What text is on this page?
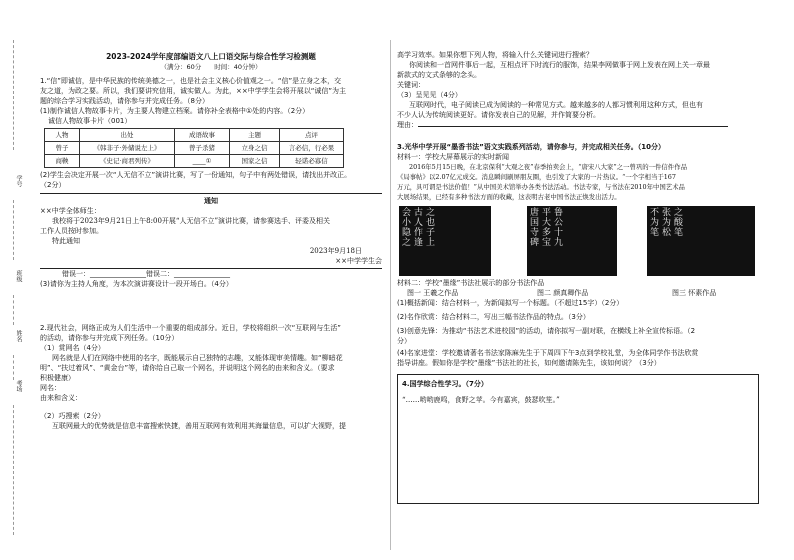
学号
班级
姓名
考场

2023-2024学年度部编语文八上口语交际与综合性学习检测题

（满分：60分　　时间：40分钟）

1.“信”即诚信，是中华民族的传统美德之一，也是社会主义核心价值观之一。“信”是立身之本，交

友之道，为政之要。所以，我们要讲究信用，诚实做人。为此，××中学学生会将开展以“诚信”为主

题的综合学习实践活动，请你参与并完成任务。（8分）

(1)制作诚信人物故事卡片，为主要人物建立档案。请你补全表格中①处的内容。（2分）

诚信人物故事卡片（001）

人物	出处	成语故事	主题	点评
曾子	《韩非子·外储说左上》	曾子杀猪	立身之信	言必信，行必果
商鞅	《史记·商君列传》	____①	国家之信	轻诺必寡信

(2)学生会决定开展一次“人无信不立”演讲比赛，写了一份通知，句子中有两处错误，请找出并改正。

（2分）

通知

××中学全体师生：

我校将于2023年9月21日上午8:00开展“人无信不立”演讲比赛，请参赛选手、评委及相关

工作人员按时参加。

特此通知

2023年9月18日

××中学学生会

错误一：________________错误二：________________

(3)请你为主持人角度，为本次演讲赛设计一段开场白。（4分）

2.现代社会，网络正成为人们生活中一个重要的组成部分。近日，学校将组织一次“互联网与生活”

的活动，请你参与并完成下列任务。（10分）

（1）赏网名（4分）

网名就是人们在网络中使用的名字，既能展示自己独特的志趣，又能体现审美情趣。如“柳暗花

明”、“扶过着风”、“黄金台”等，请你给自己取一个网名，并说明这个网名的由来和含义。（要求

积极健康）

网名：

由来和含义：

（2）巧搜索（2分）

互联网最大的优势就是信息丰富搜索快捷，善用互联网有效利用其海量信息，可以扩大视野，提

高学习效率。如果你想下列人物，将输入什么关键词进行搜索？

你阅读和一首网件事后一起，互相点评下时流行的服饰，结果李网做事于网上发表在网上关一章最

新款式的文式条够的念头。

关键词：

（3）呈见见（4分）

互联网时代，电子阅读已成为阅读的一种常见方式。越来越多的人都习惯利用这种方式，但也有

不少人认为传统阅读更好。请你发表自己的见解，并作简要分析。

理由：

3.光华中学开展“墨香书法”语文实践系列活动，请你参与，并完成相关任务。（10分）

材料一：学校大屏幕展示的实时新闻

2016年5月15日晚，在北京保利“大观之夜”春季拍卖会上，“唐宋八大家”之一曾巩的一件信件作品

《局事帖》以2.07亿元成交。消息瞬间刷屏朋友圈，也引发了大家的一片热议。“一个字相当于167

万元，具可谓是书法价值！”从中国美术馆举办各类书法活动。书法专家，与书法在2010年中国艺术品

大展场结果，已经有多种书法方面的收藏，这表明古老中国书法正焕发出活力。

会小隐之 古人作逢 之也子上	唐国寺碑 平大多宝 鲁公十九	不为笔 张为松 之酸笔

材料二：学校“墨缘”书法社展示的部分书法作品

图一 王羲之作品	图二 颜真卿作品	图三 怀素作品

(1)概括新闻：结合材料一，为新闻拟写一个标题。（不超过15字）（2分）

(2)名作欣赏：结合材料二，写出三幅书法作品的特点。（3分）

(3)创意先锋：为推动“书法艺术进校园”的活动，请你拟写一副对联，在横线上补全宣传标语。（2

分）

(4)名家进堂：学校邀请著名书法家陈麻先生于下周四下午3点到学校礼堂，为全体同学作书法欣赏

指导讲座。假如你是学校“墨缘”书法社的社长，如何邀请陈先生，该如何说？（3分）

4.国学综合性学习。（7分）

“……哟哟鹿鸣，食野之苹。今有嘉宾，鼓瑟吹笙。”
